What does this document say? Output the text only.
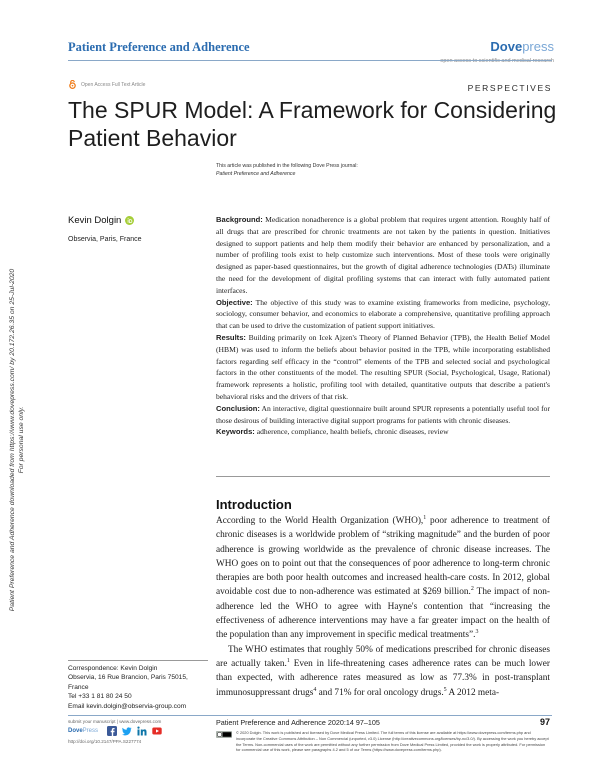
Patient Preference and Adherence	Dovepress
open access to scientific and medical research
Open Access Full Text Article	PERSPECTIVES
The SPUR Model: A Framework for Considering Patient Behavior
Patient Preference and Adherence downloaded from https://www.dovepress.com/ by 20.172.26.35 on 25-Jul-2020 For personal use only.
This article was published in the following Dove Press journal:
Patient Preference and Adherence
Kevin Dolgin
Observia, Paris, France

Background: Medication nonadherence is a global problem that requires urgent attention. Roughly half of all drugs that are prescribed for chronic treatments are not taken by the patients in question. Initiatives designed to support patients and help them modify their behavior are enhanced by personalization, and a number of profiling tools exist to help customize such interventions. Most of these tools were originally designed as paper-based questionnaires, but the growth of digital adherence technologies (DATs) illuminate the need for the development of digital profiling systems that can interact with fully automated patient interfaces.

Objective: The objective of this study was to examine existing frameworks from medicine, psychology, sociology, consumer behavior, and economics to elaborate a comprehensive, quantitative profiling approach that can be used to drive the customization of patient support initiatives.

Results: Building primarily on Icek Ajzen's Theory of Planned Behavior (TPB), the Health Belief Model (HBM) was used to inform the beliefs about behavior posited in the TPB, while incorporating established factors regarding self efficacy in the “control” elements of the TPB and selected social and psychological factors in the other constituents of the model. The resulting SPUR (Social, Psychological, Usage, Rational) framework represents a holistic, profiling tool with detailed, quantitative outputs that describe a patient's behavioral risks and the drivers of that risk.

Conclusion: An interactive, digital questionnaire built around SPUR represents a potentially useful tool for those desirous of building interactive digital support programs for patients with chronic diseases.

Keywords: adherence, compliance, health beliefs, chronic diseases, review

Introduction

According to the World Health Organization (WHO),$^1$ poor adherence to treatment of chronic diseases is a worldwide problem of “striking magnitude” and the burden of poor adherence is growing worldwide as the prevalence of chronic disease increases. The WHO goes on to point out that the consequences of poor adherence to long-term chronic therapies are both poor health outcomes and increased health-care costs. In 2012, global avoidable cost due to non-adherence was estimated at $269 billion.$^2$ The impact of non-adherence led the WHO to agree with Hayne's contention that “increasing the effectiveness of adherence interventions may have a far greater impact on the health of the population than any improvement in specific medical treatments”.$^3$

The WHO estimates that roughly 50% of medications prescribed for chronic diseases are actually taken.$^1$ Even in life-threatening cases adherence rates can be much lower than expected, with adherence rates measured as low as 77.3% in post-transplant immunosuppressant drugs$^4$ and 71% for oral oncology drugs.$^5$ A 2012 meta-

Correspondence: Kevin Dolgin
Observia, 16 Rue Brancion, Paris 75015,
France
Tel +33 1 81 80 24 50
Email kevin.dolgin@observia-group.com
submit your manuscript | www.dovepress.com
DovePress
http://doi.org/10.2147/PPA.S227774
Patient Preference and Adherence 2020:14 97–105	97
© 2020 Dolgin. This work is published and licensed by Dove Medical Press Limited. The full terms of this license are available at https://www.dovepress.com/terms.php and incorporate the Creative Commons Attribution – Non Commercial (unported, v3.0) License (http://creativecommons.org/licenses/by-nc/3.0/). By accessing the work you hereby accept the Terms. Non-commercial uses of the work are permitted without any further permission from Dove Medical Press Limited, provided the work is properly attributed. For permission for commercial use of this work, please see paragraphs 4.2 and 5 of our Terms (https://www.dovepress.com/terms.php).
